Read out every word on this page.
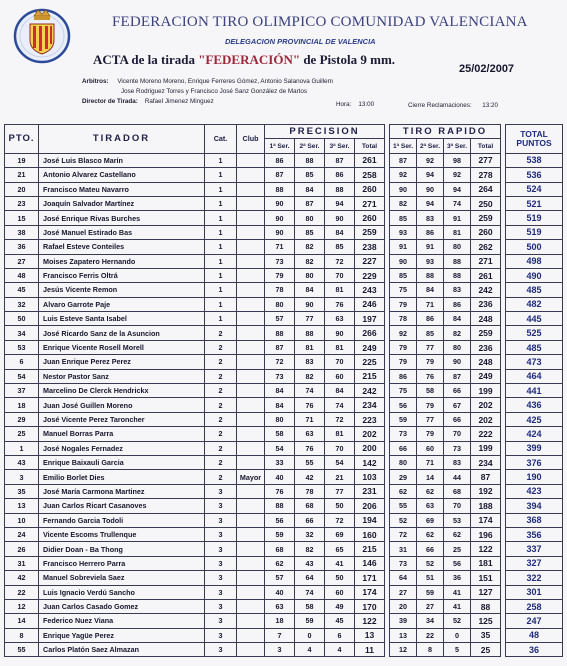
FEDERACION TIRO OLIMPICO COMUNIDAD VALENCIANA
DELEGACION PROVINCIAL DE VALENCIA
ACTA de la tirada "FEDERACIÓN" de Pistola 9 mm.
25/02/2007
Arbitros: Vicente Moreno Moreno, Enrique Ferreres Gómez, Antonio Salanova Guillem
Jose Rodriguez Torres y Francisco José Sanz González de Martos
Director de Tirada: Rafael Jimenez Minguez	Hora: 13:00	Cierre Reclamaciones: 13:20
PTO.	TIRADOR	Cat.	Club	PRECISION					TIRO RAPIDO					TOTAL
PUNTOS
				1ª Ser.	2ª Ser.	3ª Ser.	Total		1ª Ser.	2ª Ser.	3ª Ser.	Total		
19	José Luis Blasco Marín	1		86	88	87	261		87	92	98	277		538
21	Antonio Alvarez Castellano	1		87	85	86	258		92	94	92	278		536
20	Francisco Mateu Navarro	1		88	84	88	260		90	90	94	264		524
23	Joaquín Salvador Martínez	1		90	87	94	271		82	94	74	250		521
15	José Enrique Rivas Burches	1		90	80	90	260		85	83	91	259		519
38	José Manuel Estirado Bas	1		90	85	84	259		93	86	81	260		519
36	Rafael Esteve Conteiles	1		71	82	85	238		91	91	80	262		500
27	Moises Zapatero Hernando	1		73	82	72	227		90	93	88	271		498
48	Francisco Ferris Oltrá	1		79	80	70	229		85	88	88	261		490
45	Jesús Vicente Remon	1		78	84	81	243		75	84	83	242		485
32	Alvaro Garrote Paje	1		80	90	76	246		79	71	86	236		482
50	Luis Esteve Santa Isabel	1		57	77	63	197		78	86	84	248		445
34	José Ricardo Sanz de la Asuncion	2		88	88	90	266		92	85	82	259		525
53	Enrique Vicente Rosell Morell	2		87	81	81	249		79	77	80	236		485
6	Juan Enrique Perez Perez	2		72	83	70	225		79	79	90	248		473
54	Nestor Pastor Sanz	2		73	82	60	215		86	76	87	249		464
37	Marcelino De Clerck Hendrickx	2		84	74	84	242		75	58	66	199		441
18	Juan José Guillen Moreno	2		84	76	74	234		56	79	67	202		436
29	José Vicente Perez Taroncher	2		80	71	72	223		59	77	66	202		425
25	Manuel Borras Parra	2		58	63	81	202		73	79	70	222		424
1	José Nogales Fernadez	2		54	76	70	200		66	60	73	199		399
43	Enrique Baixauli Garcia	2		33	55	54	142		80	71	83	234		376
3	Emilio Borlet Dies	2	Mayor	40	42	21	103		29	14	44	87		190
35	José María Carmona Martinez	3		76	78	77	231		62	62	68	192		423
13	Juan Carlos Ricart Casanoves	3		88	68	50	206		55	63	70	188		394
10	Fernando Garcia Todoli	3		56	66	72	194		52	69	53	174		368
24	Vicente Escoms Trullenque	3		59	32	69	160		72	62	62	196		356
26	Didier Doan - Ba Thong	3		68	82	65	215		31	66	25	122		337
31	Francisco Herrero Parra	3		62	43	41	146		73	52	56	181		327
42	Manuel Sobreviela Saez	3		57	64	50	171		64	51	36	151		322
22	Luis Ignacio Verdú Sancho	3		40	74	60	174		27	59	41	127		301
12	Juan Carlos Casado Gomez	3		63	58	49	170		20	27	41	88		258
14	Federico Nuez Viana	3		18	59	45	122		39	34	52	125		247
8	Enrique Yagüe Perez	3		7	0	6	13		13	22	0	35		48
55	Carlos Platón Saez Almazan	3		3	4	4	11		12	8	5	25		36
